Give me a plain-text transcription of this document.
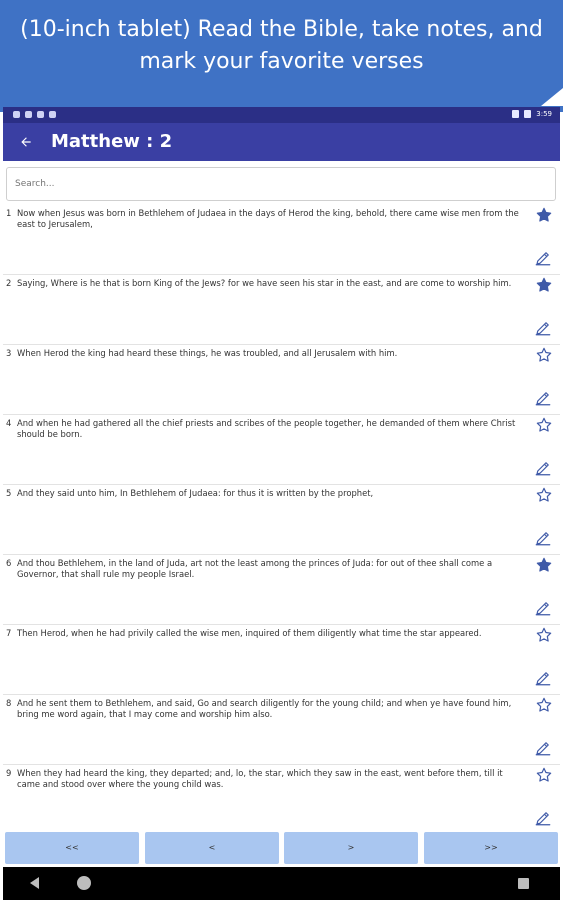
(10-inch tablet) Read the Bible, take notes, and
mark your favorite verses
3:59
Matthew : 2
Search...
1 Now when Jesus was born in Bethlehem of Judaea in the days of Herod the king, behold, there came wise men from the east to Jerusalem,
2 Saying, Where is he that is born King of the Jews? for we have seen his star in the east, and are come to worship him.
3 When Herod the king had heard these things, he was troubled, and all Jerusalem with him.
4 And when he had gathered all the chief priests and scribes of the people together, he demanded of them where Christ should be born.
5 And they said unto him, In Bethlehem of Judaea: for thus it is written by the prophet,
6 And thou Bethlehem, in the land of Juda, art not the least among the princes of Juda: for out of thee shall come a Governor, that shall rule my people Israel.
7 Then Herod, when he had privily called the wise men, inquired of them diligently what time the star appeared.
8 And he sent them to Bethlehem, and said, Go and search diligently for the young child; and when ye have found him, bring me word again, that I may come and worship him also.
9 When they had heard the king, they departed; and, lo, the star, which they saw in the east, went before them, till it came and stood over where the young child was.
<<	<	>	>>
